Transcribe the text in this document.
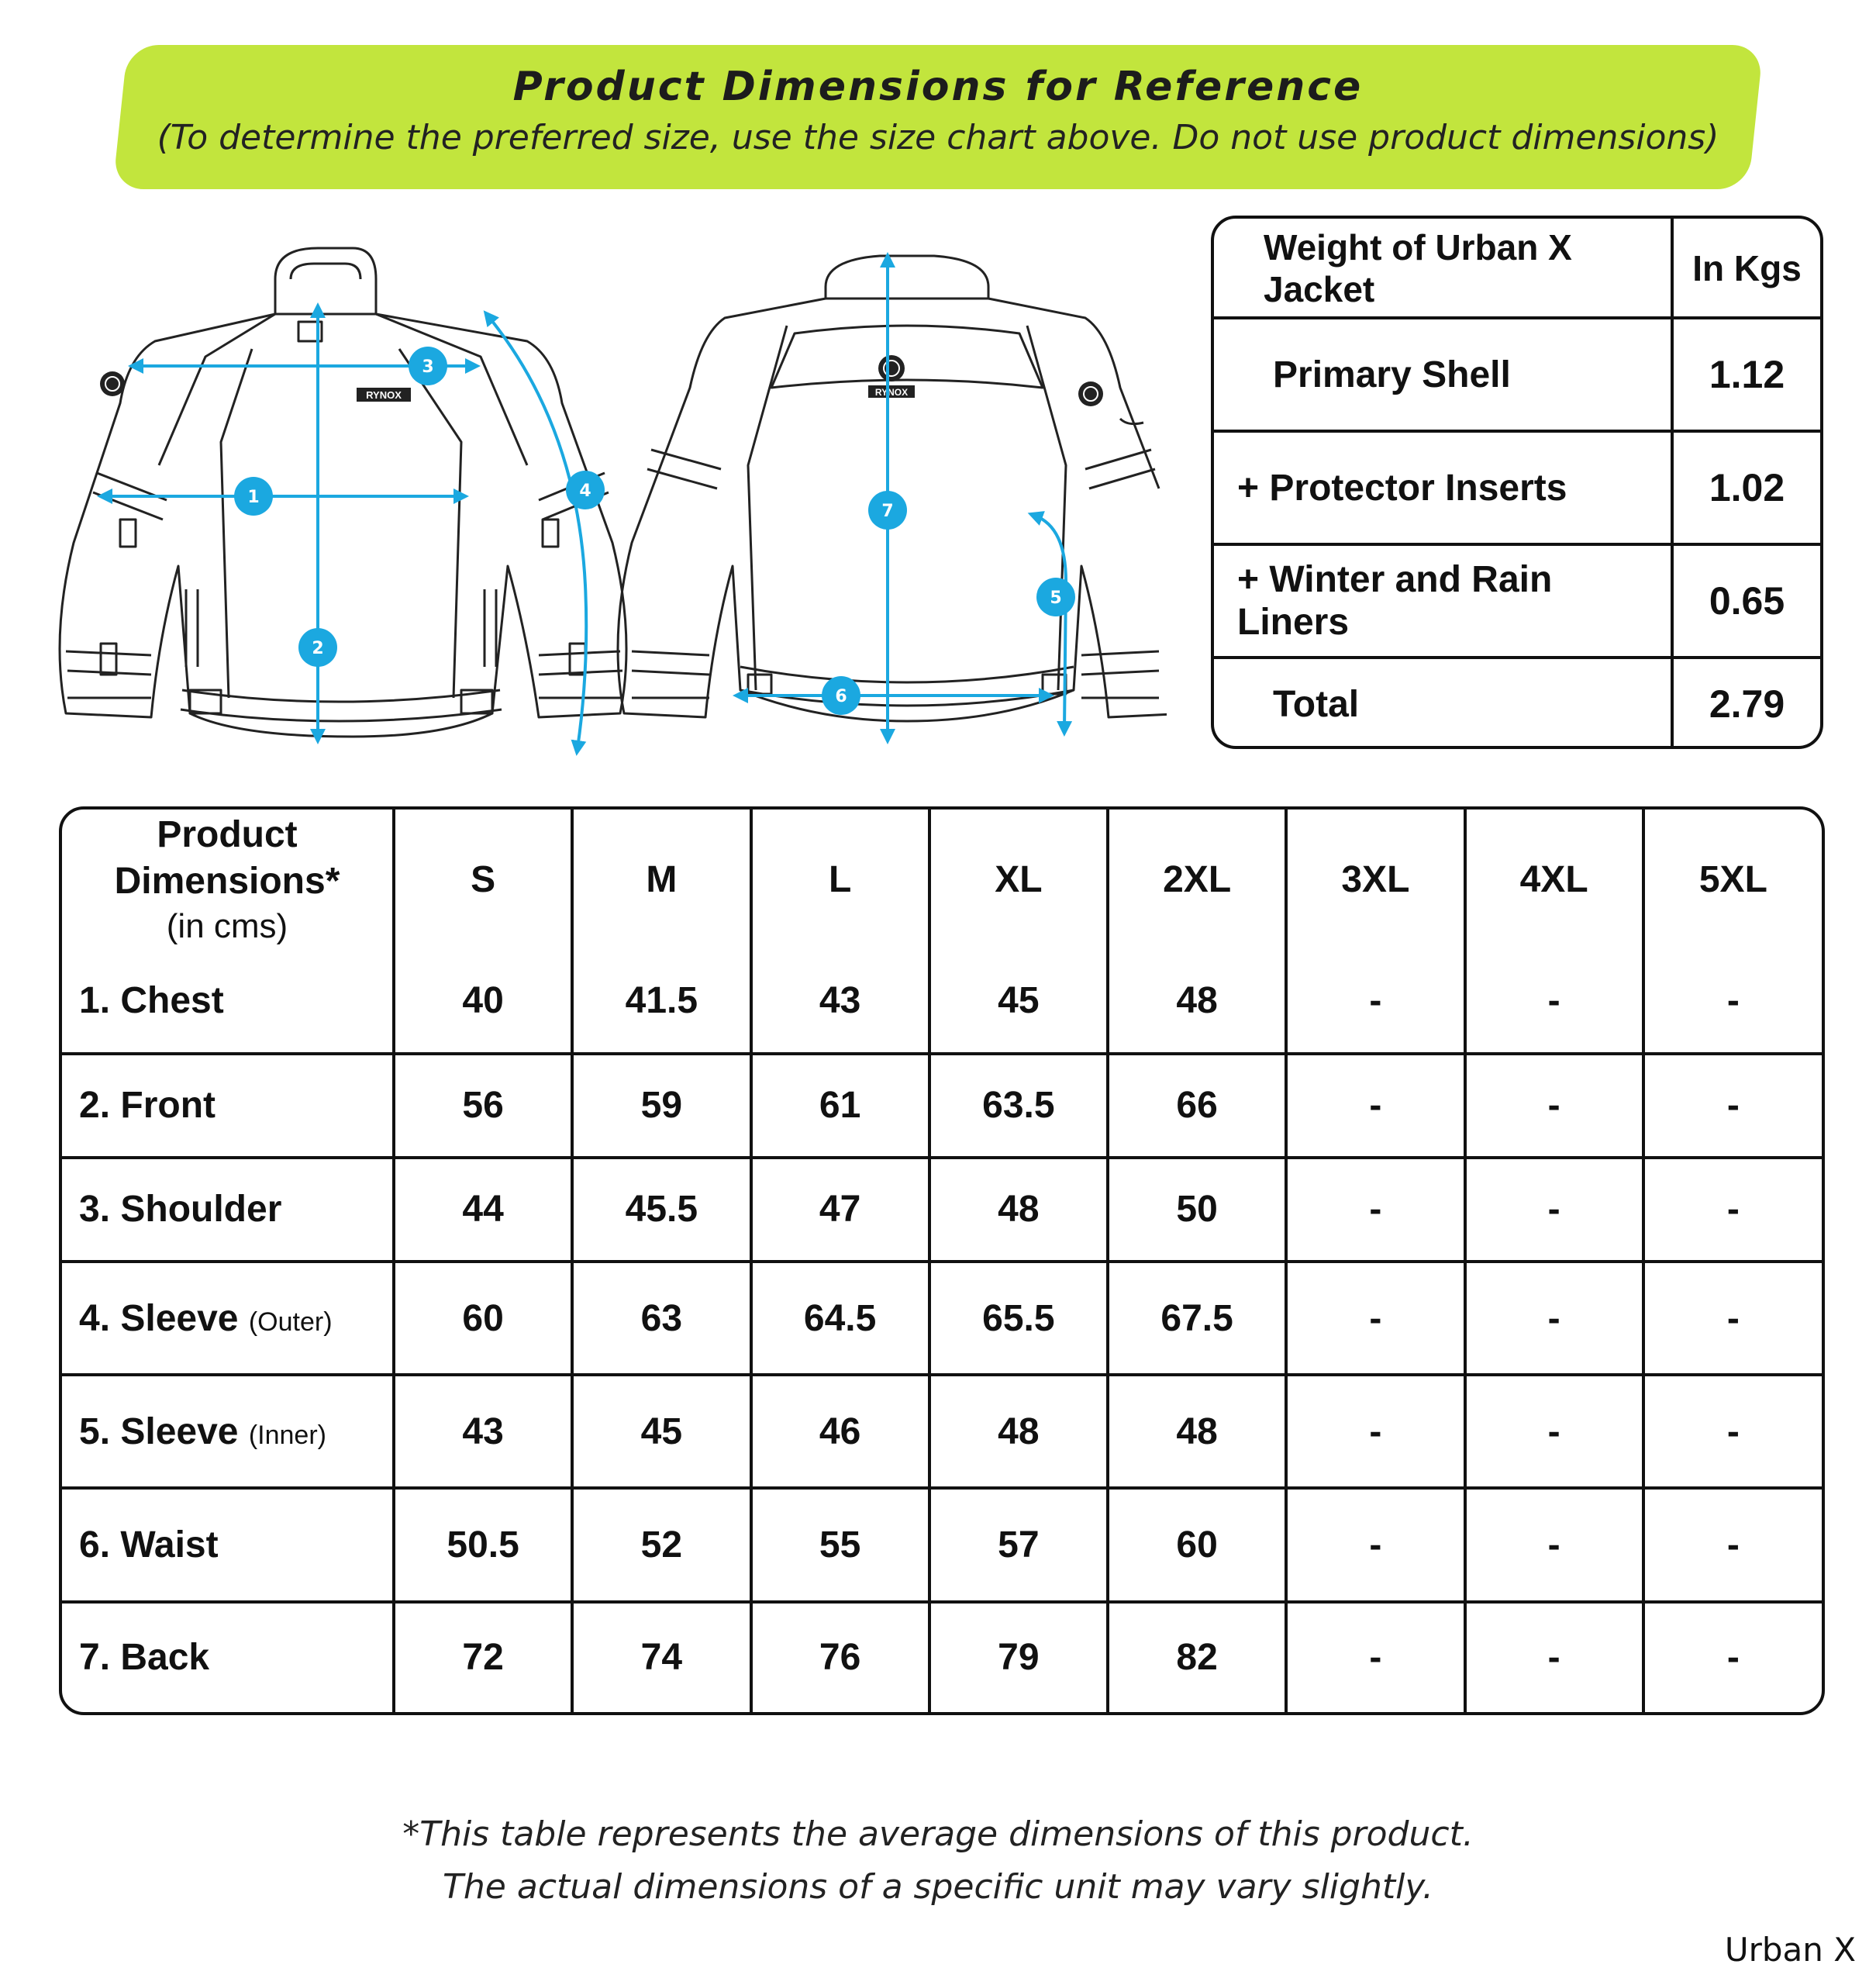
Product Dimensions for Reference
(To determine the preferred size, use the size chart above. Do not use product dimensions)
RYNOX	RYNOX
1
2
3
4
5
6
7
Weight of Urban X Jacket
In Kgs
Primary Shell	1.12
+ Protector Inserts	1.02
+ Winter and Rain Liners	0.65
Total	2.79
Product Dimensions*
(in cms)	S	M	L	XL	2XL	3XL	4XL	5XL
1. Chest	40	41.5	43	45	48	-	-	-
2. Front	56	59	61	63.5	66	-	-	-
3. Shoulder	44	45.5	47	48	50	-	-	-
4. Sleeve (Outer)	60	63	64.5	65.5	67.5	-	-	-
5. Sleeve (Inner)	43	45	46	48	48	-	-	-
6. Waist	50.5	52	55	57	60	-	-	-
7. Back	72	74	76	79	82	-	-	-
*This table represents the average dimensions of this product.
The actual dimensions of a specific unit may vary slightly.
Urban X
